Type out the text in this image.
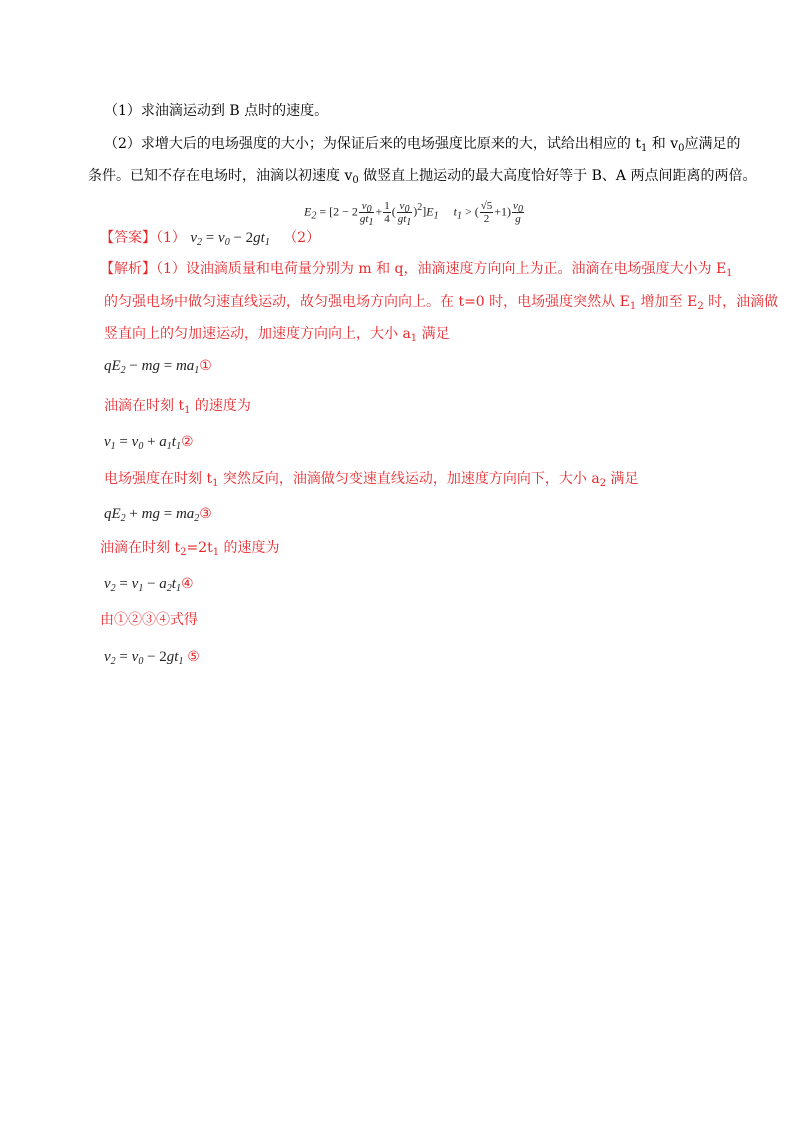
（1）求油滴运动到 B 点时的速度。
（2）求增大后的电场强度的大小；为保证后来的电场强度比原来的大，试给出相应的 $t_1$ 和 $v_0$应满足的
条件。已知不存在电场时，油滴以初速度 $v_0$ 做竖直上抛运动的最大高度恰好等于 B、A 两点间距离的两倍。
【答案】（1） $v_2 = v_0 - 2gt_1$ （2）
$E_2 = [2 - 2 \frac{v_0}{gt_1} + \frac{1}{4}$ ( $\frac{v_0}{gt_1} )^2]E_1$     $t_1$ > ( $\frac{√5}{2} +1) \frac{v_0}{g}$
【解析】（1）设油滴质量和电荷量分别为 m 和 q，油滴速度方向向上为正。油滴在电场强度大小为 $E_1$
的匀强电场中做匀速直线运动，故匀强电场方向向上。在 t=0 时，电场强度突然从 $E_1$ 增加至 $E_2$ 时，油滴做
竖直向上的匀加速运动，加速度方向向上，大小 $a_1$ 满足
$qE_2$ − mg = $ma_1①$
油滴在时刻 $t_1$ 的速度为
$v_1 = v_0$ + $a_1t_1②$
电场强度在时刻 $t_1$ 突然反向，油滴做匀变速直线运动，加速度方向向下，大小 $a_2$ 满足
$qE_2$ + mg = $ma_2③$
油滴在时刻 $t_2=2t_1$ 的速度为
$v_2 = v_1$ − $a_2t_1④$
由①②③④式得
$v_2 = v_0 - 2gt_1$ ⑤
